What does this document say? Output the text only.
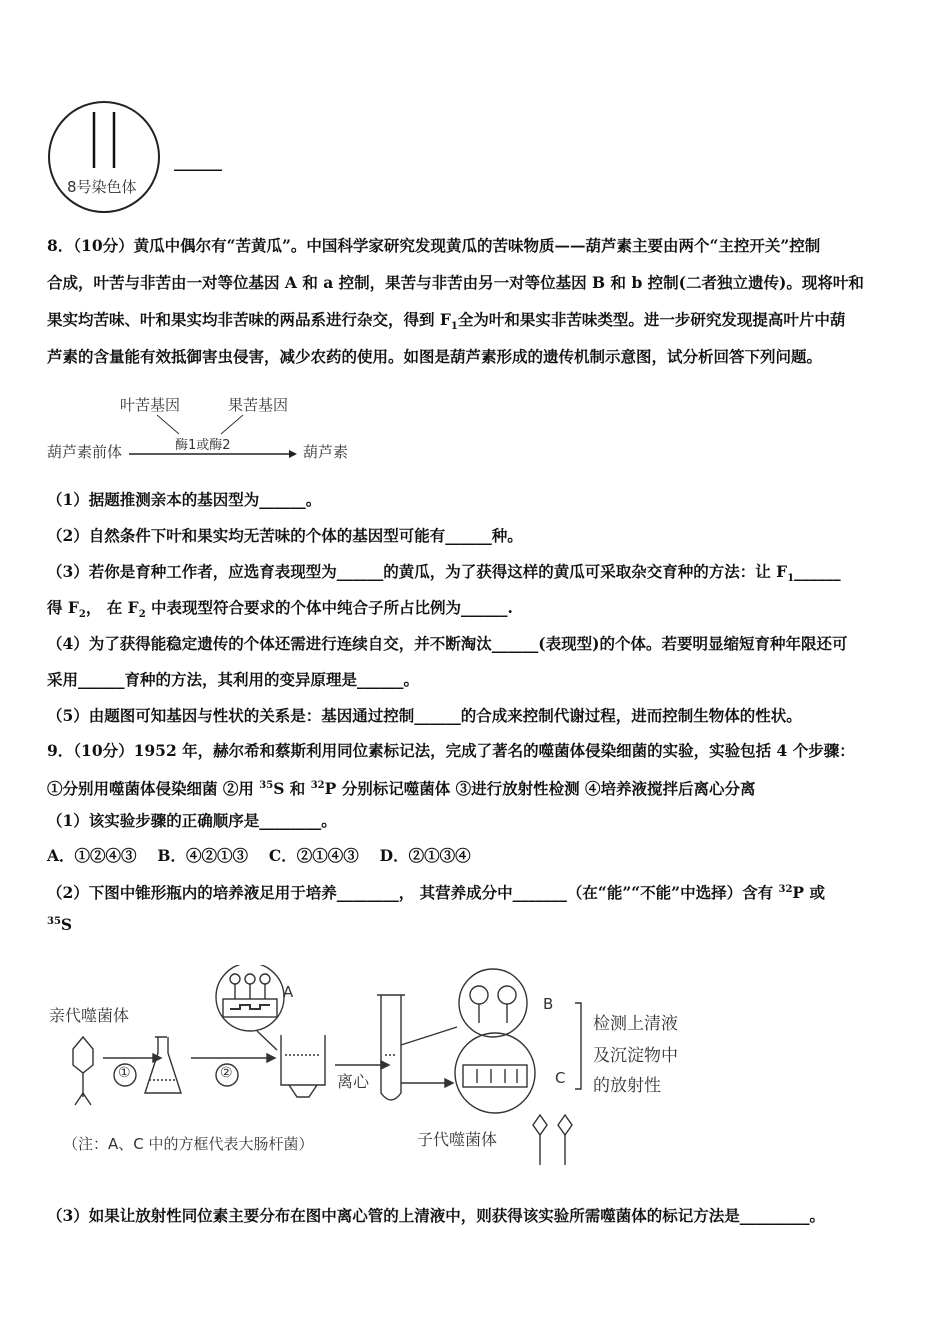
8号染色体
______
8．（10分）黄瓜中偶尔有“苦黄瓜”。中国科学家研究发现黄瓜的苦味物质——葫芦素主要由两个“主控开关”控制
合成，叶苦与非苦由一对等位基因 A 和 a 控制，果苦与非苦由另一对等位基因 B 和 b 控制(二者独立遗传)。现将叶和
果实均苦味、叶和果实均非苦味的两品系进行杂交，得到 $F_1$全为叶和果实非苦味类型。进一步研究发现提高叶片中葫
芦素的含量能有效抵御害虫侵害，减少农药的使用。如图是葫芦素形成的遗传机制示意图，试分析回答下列问题。
叶苦基因	果苦基因
酶1或酶2
葫芦素前体	葫芦素
（1）据题推测亲本的基因型为______。
（2）自然条件下叶和果实均无苦味的个体的基因型可能有______种。
（3）若你是育种工作者，应选育表现型为______的黄瓜，为了获得这样的黄瓜可采取杂交育种的方法：让 $F_1\_\_\_\_\_\_$
得 $F_2$， 在 $F_2$ 中表现型符合要求的个体中纯合子所占比例为______.
（4）为了获得能稳定遗传的个体还需进行连续自交，并不断淘汰______(表现型)的个体。若要明显缩短育种年限还可
采用______育种的方法，其利用的变异原理是______。
（5）由题图可知基因与性状的关系是：基因通过控制______的合成来控制代谢过程，进而控制生物体的性状。
9．（10分）1952 年，赫尔希和蔡斯利用同位素标记法，完成了著名的噬菌体侵染细菌的实验，实验包括 4 个步骤：
①分别用噬菌体侵染细菌 ②用 $^{35}$S 和 $^{32}$P 分别标记噬菌体 ③进行放射性检测 ④培养液搅拌后离心分离
（1）该实验步骤的正确顺序是________。
A．①②④③　 B．④②①③　 C．②①④③　 D．②①③④
（2）下图中锥形瓶内的培养液足用于培养________， 其营养成分中_______（在“能”“不能”中选择）含有 $^{32}$P 或
$^{35}$S
亲代噬菌体
①	②
A
离心
B
C
检测上清液
及沉淀物中
的放射性
（注：A、C 中的方框代表大肠杆菌）	子代噬菌体
（3）如果让放射性同位素主要分布在图中离心管的上清液中，则获得该实验所需噬菌体的标记方法是_________。
